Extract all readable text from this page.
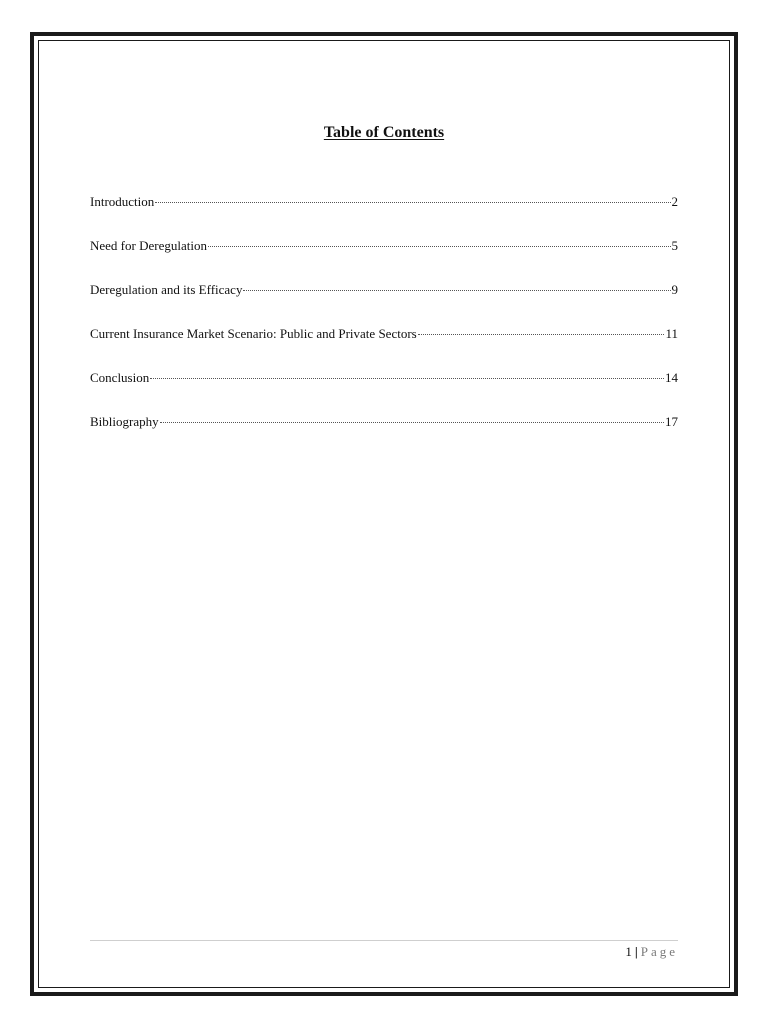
Table of Contents
Introduction	2
Need for Deregulation	5
Deregulation and its Efficacy	9
Current Insurance Market Scenario: Public and Private Sectors	11
Conclusion	14
Bibliography	17
1 | Page
